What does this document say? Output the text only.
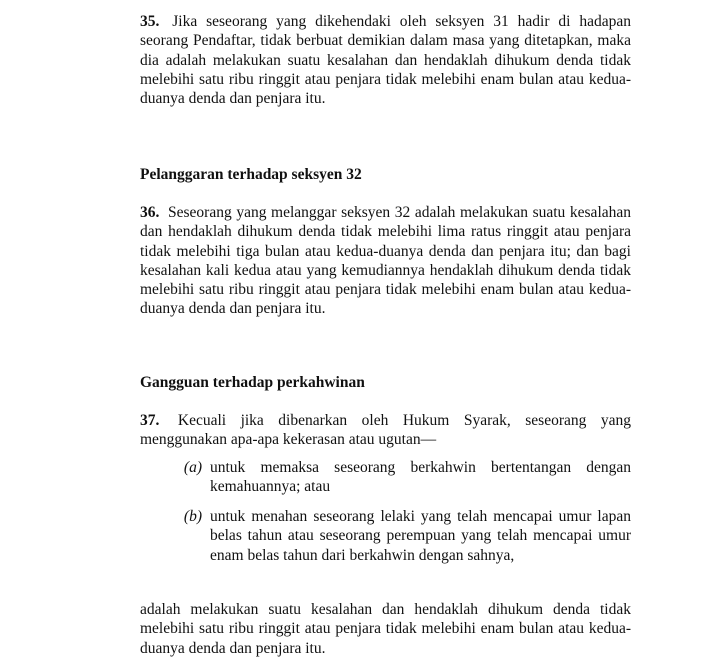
35. Jika seseorang yang dikehendaki oleh seksyen 31 hadir di hadapan seorang Pendaftar, tidak berbuat demikian dalam masa yang ditetapkan, maka dia adalah melakukan suatu kesalahan dan hendaklah dihukum denda tidak melebihi satu ribu ringgit atau penjara tidak melebihi enam bulan atau kedua-duanya denda dan penjara itu.

Pelanggaran terhadap seksyen 32

36. Seseorang yang melanggar seksyen 32 adalah melakukan suatu kesalahan dan hendaklah dihukum denda tidak melebihi lima ratus ringgit atau penjara tidak melebihi tiga bulan atau kedua-duanya denda dan penjara itu; dan bagi kesalahan kali kedua atau yang kemudiannya hendaklah dihukum denda tidak melebihi satu ribu ringgit atau penjara tidak melebihi enam bulan atau kedua-duanya denda dan penjara itu.

Gangguan terhadap perkahwinan

37. Kecuali jika dibenarkan oleh Hukum Syarak, seseorang yang menggunakan apa-apa kekerasan atau ugutan—

(a) untuk memaksa seseorang berkahwin bertentangan dengan kemahuannya; atau
(b) untuk menahan seseorang lelaki yang telah mencapai umur lapan belas tahun atau seseorang perempuan yang telah mencapai umur enam belas tahun dari berkahwin dengan sahnya,

adalah melakukan suatu kesalahan dan hendaklah dihukum denda tidak melebihi satu ribu ringgit atau penjara tidak melebihi enam bulan atau kedua-duanya denda dan penjara itu.
